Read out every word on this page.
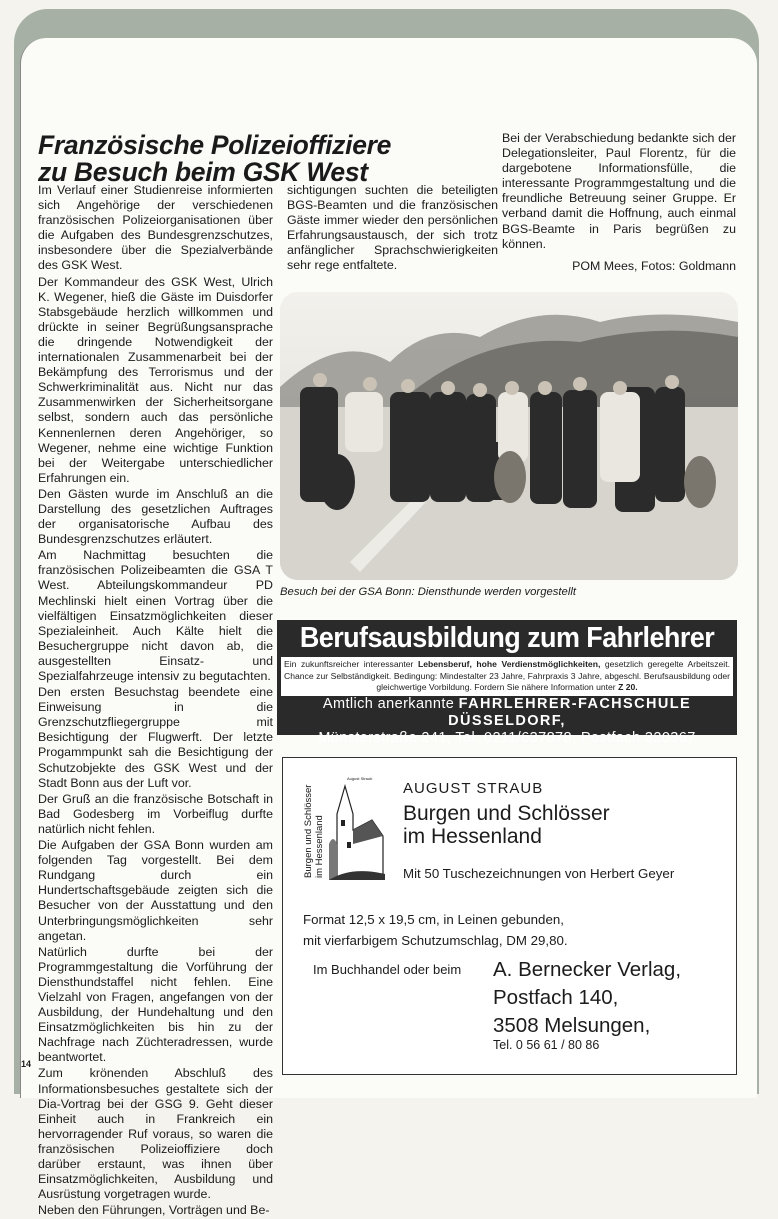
Französische Polizeioffiziere
zu Besuch beim GSK West

Im Verlauf einer Studienreise informierten sich Angehörige der verschiedenen französischen Polizeiorganisationen über die Aufgaben des Bundesgrenzschutzes, insbesondere über die Spezialverbände des GSK West.

Der Kommandeur des GSK West, Ulrich K. Wegener, hieß die Gäste im Duisdorfer Stabsgebäude herzlich willkommen und drückte in seiner Begrüßungsansprache die dringende Notwendigkeit der internationalen Zusammenarbeit bei der Bekämpfung des Terrorismus und der Schwerkriminalität aus. Nicht nur das Zusammenwirken der Sicherheitsorgane selbst, sondern auch das persönliche Kennenlernen deren Angehöriger, so Wegener, nehme eine wichtige Funktion bei der Weitergabe unterschiedlicher Erfahrungen ein.

Den Gästen wurde im Anschluß an die Darstellung des gesetzlichen Auftrages der organisatorische Aufbau des Bundesgrenzschutzes erläutert.

Am Nachmittag besuchten die französischen Polizeibeamten die GSA T West. Abteilungskommandeur PD Mechlinski hielt einen Vortrag über die vielfältigen Einsatzmöglichkeiten dieser Spezialeinheit. Auch Kälte hielt die Besuchergruppe nicht davon ab, die ausgestellten Einsatz- und Spezialfahrzeuge intensiv zu begutachten.

Den ersten Besuchstag beendete eine Einweisung in die Grenzschutzfliegergruppe mit Besichtigung der Flugwerft. Der letzte Progammpunkt sah die Besichtigung der Schutzobjekte des GSK West und der Stadt Bonn aus der Luft vor.

Der Gruß an die französische Botschaft in Bad Godesberg im Vorbeiflug durfte natürlich nicht fehlen.

Die Aufgaben der GSA Bonn wurden am folgenden Tag vorgestellt. Bei dem Rundgang durch ein Hundertschaftsgebäude zeigten sich die Besucher von der Ausstattung und den Unterbringungsmöglichkeiten sehr angetan.

Natürlich durfte bei der Programmgestaltung die Vorführung der Diensthundstaffel nicht fehlen. Eine Vielzahl von Fragen, angefangen von der Ausbildung, der Hundehaltung und den Einsatzmöglichkeiten bis hin zu der Nachfrage nach Züchteradressen, wurde beantwortet.

Zum krönenden Abschluß des Informationsbesuches gestaltete sich der Dia-Vortrag bei der GSG 9. Geht dieser Einheit auch in Frankreich ein hervorragender Ruf voraus, so waren die französischen Polizeioffiziere doch darüber erstaunt, was ihnen über Einsatzmöglichkeiten, Ausbildung und Ausrüstung vorgetragen wurde.

Neben den Führungen, Vorträgen und Be-

sichtigungen suchten die beteiligten BGS-Beamten und die französischen Gäste immer wieder den persönlichen Erfahrungsaustausch, der sich trotz anfänglicher Sprachschwierigkeiten sehr rege entfaltete.

Bei der Verabschiedung bedankte sich der Delegationsleiter, Paul Florentz, für die dargebotene Informationsfülle, die interessante Programmgestaltung und die freundliche Betreuung seiner Gruppe. Er verband damit die Hoffnung, auch einmal BGS-Beamte in Paris begrüßen zu können.

POM Mees, Fotos: Goldmann
Besuch bei der GSA Bonn: Diensthunde werden vorgestellt
Berufsausbildung zum Fahrlehrer
Ein zukunftsreicher interessanter Lebensberuf, hohe Verdienstmöglichkeiten, gesetzlich geregelte Arbeitszeit. Chance zur Selbständigkeit. Bedingung: Mindestalter 23 Jahre, Fahrpraxis 3 Jahre, abgeschl. Berufsausbildung oder gleichwertige Vorbildung. Fordern Sie nähere Information unter Z 20.
Amtlich anerkannte FAHRLEHRER-FACHSCHULE DÜSSELDORF,
Münsterstraße 241, Tel. 0211/637878, Postfach 320367
August Straub
Burgen und Schlösser im Hessenland
AUGUST STRAUB
Burgen und Schlösser
im Hessenland
Mit 50 Tuschezeichnungen von Herbert Geyer
Format 12,5 x 19,5 cm, in Leinen gebunden,
mit vierfarbigem Schutzumschlag, DM 29,80.
Im Buchhandel oder beim A. Bernecker Verlag,
Postfach 140,
3508 Melsungen,
Tel. 0 56 61 / 80 86
14
